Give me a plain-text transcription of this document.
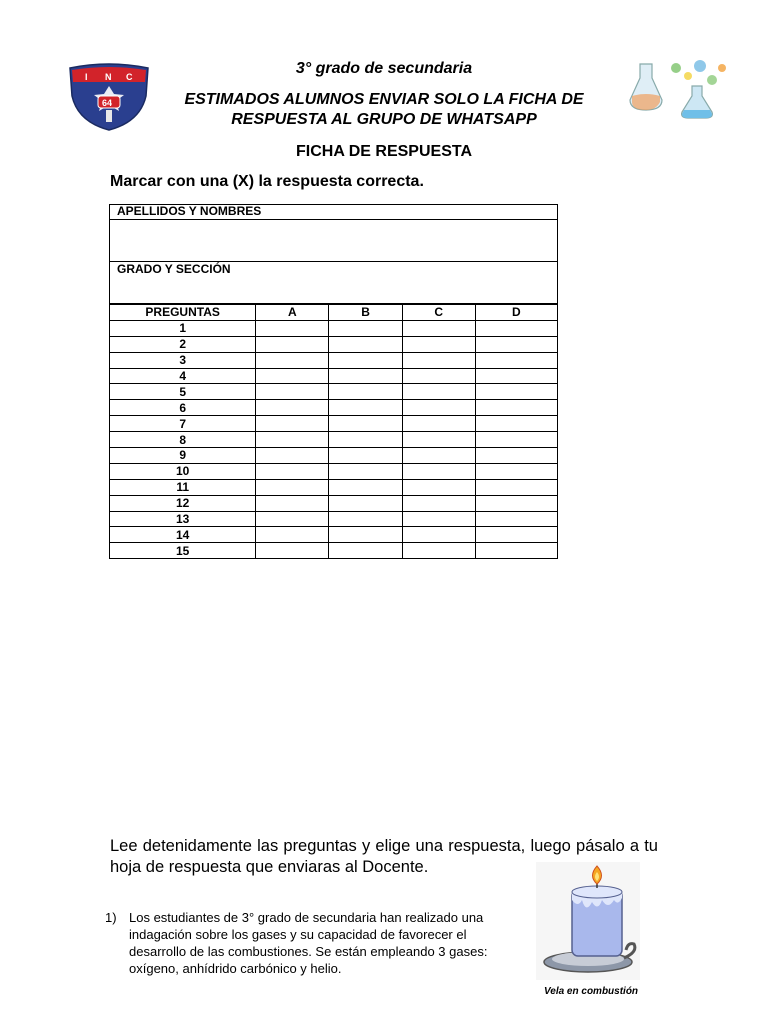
I N C
64
3° grado de secundaria
ESTIMADOS ALUMNOS ENVIAR SOLO LA FICHA DE RESPUESTA AL GRUPO DE WHATSAPP
FICHA DE RESPUESTA
Marcar con una (X) la respuesta correcta.
APELLIDOS Y NOMBRES

GRADO Y SECCIÓN
PREGUNTAS	A	B	C	D
1				
2				
3				
4				
5				
6				
7				
8				
9				
10				
11				
12				
13				
14				
15				
Lee detenidamente las preguntas y elige una respuesta, luego pásalo a tu hoja de respuesta que enviaras al Docente.
1) Los estudiantes de 3° grado de secundaria han realizado una indagación sobre los gases y su capacidad de favorecer el desarrollo de las combustiones. Se están empleando 3 gases: oxígeno, anhídrido carbónico y helio.
Vela en combustión
